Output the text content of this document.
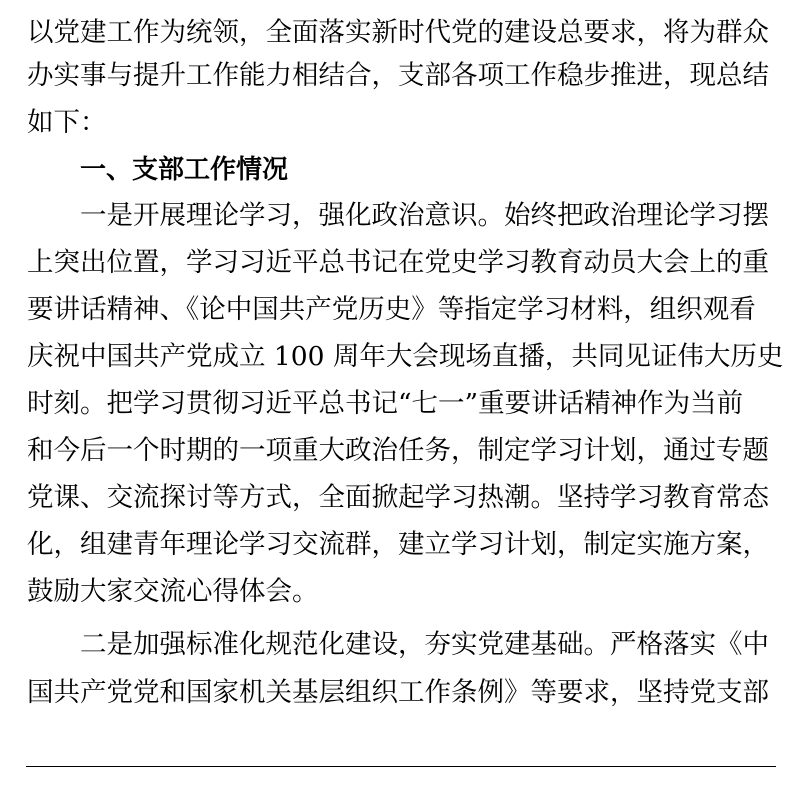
以党建工作为统领，全面落实新时代党的建设总要求，将为群众
办实事与提升工作能力相结合，支部各项工作稳步推进，现总结
如下：
一、支部工作情况
一是开展理论学习，强化政治意识。始终把政治理论学习摆
上突出位置，学习习近平总书记在党史学习教育动员大会上的重
要讲话精神、《论中国共产党历史》等指定学习材料，组织观看
庆祝中国共产党成立 100 周年大会现场直播，共同见证伟大历史
时刻。把学习贯彻习近平总书记“七一”重要讲话精神作为当前
和今后一个时期的一项重大政治任务，制定学习计划，通过专题
党课、交流探讨等方式，全面掀起学习热潮。坚持学习教育常态
化，组建青年理论学习交流群，建立学习计划，制定实施方案，
鼓励大家交流心得体会。
二是加强标准化规范化建设，夯实党建基础。严格落实《中
国共产党党和国家机关基层组织工作条例》等要求，坚持党支部
